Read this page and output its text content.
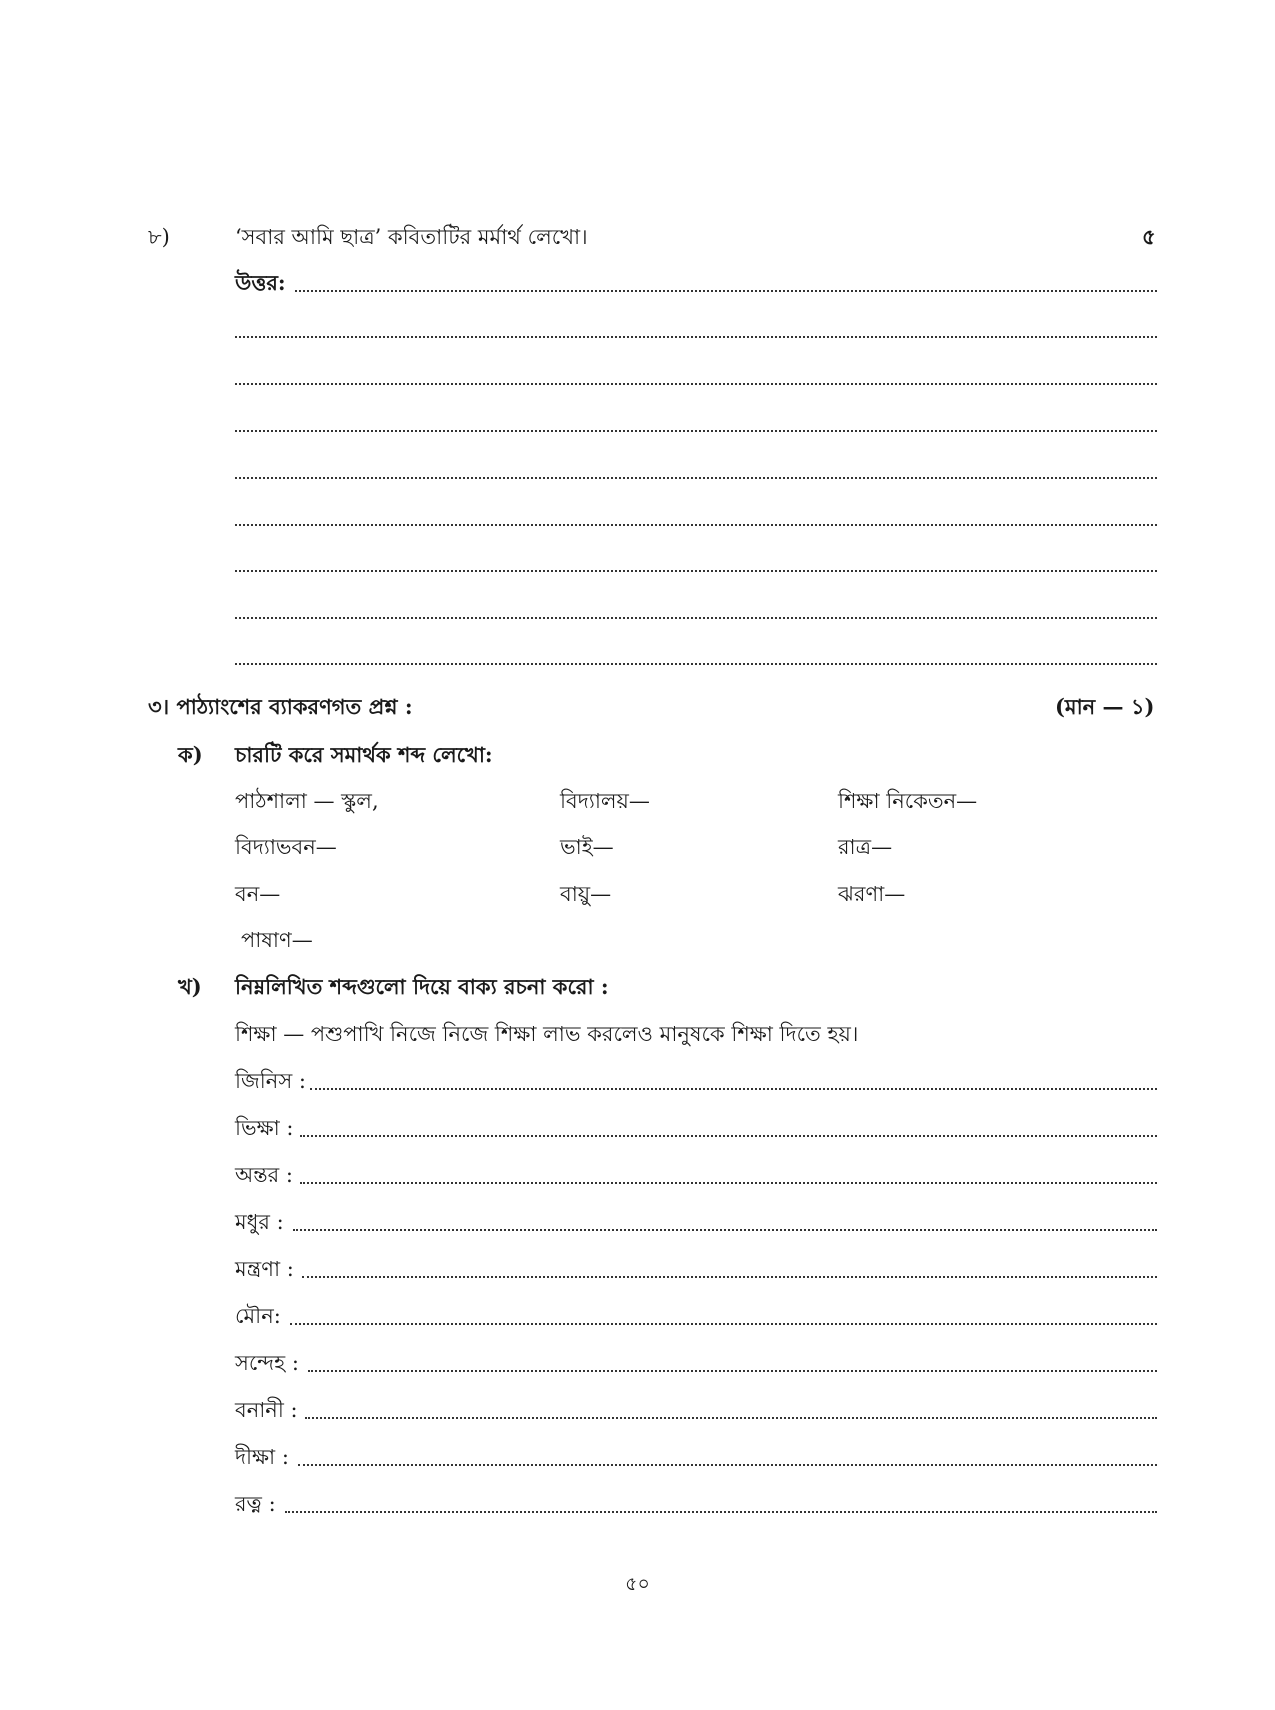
৮)	‘সবার আমি ছাত্র’ কবিতাটির মর্মার্থ লেখো।	৫
উত্তর:
৩। পাঠ্যাংশের ব্যাকরণগত প্রশ্ন :	(মান — ১)
ক) চারটি করে সমার্থক শব্দ লেখো:
পাঠশালা — স্কুল,	বিদ্যালয়—	শিক্ষা নিকেতন—
বিদ্যাভবন—	ভাই—	রাত্র—
বন—	বায়ু—	ঝরণা—
পাষাণ—
খ) নিম্নলিখিত শব্দগুলো দিয়ে বাক্য রচনা করো :
শিক্ষা — পশুপাখি নিজে নিজে শিক্ষা লাভ করলেও মানুষকে শিক্ষা দিতে হয়।
জিনিস :
ভিক্ষা :
অন্তর :
মধুর :
মন্ত্রণা :
মৌন:
সন্দেহ :
বনানী :
দীক্ষা :
রত্ন :
৫০
